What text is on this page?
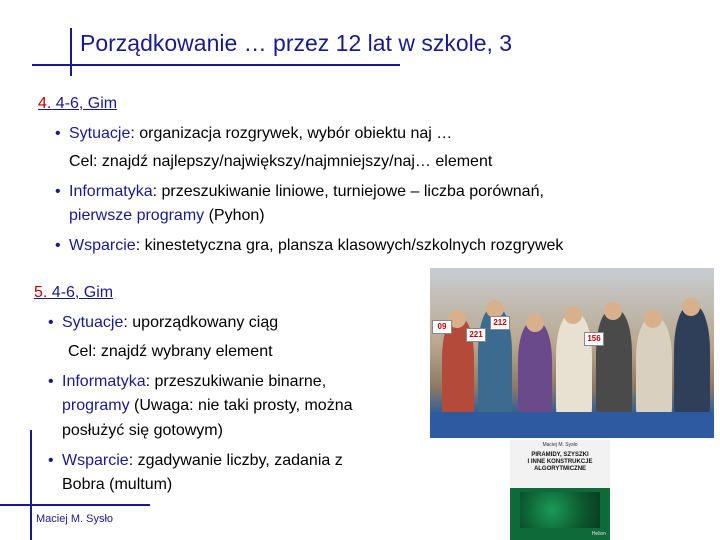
Porządkowanie … przez 12 lat w szkole, 3
4. 4-6, Gim
• Sytuacje: organizacja rozgrywek, wybór obiektu naj …
Cel: znajdź najlepszy/największy/najmniejszy/naj… element
• Informatyka: przeszukiwanie liniowe, turniejowe – liczba porównań,
pierwsze programy (Pyhon)
• Wsparcie: kinestetyczna gra, plansza klasowych/szkolnych rozgrywek
5. 4-6, Gim
• Sytuacje: uporządkowany ciąg
Cel: znajdź wybrany element
• Informatyka: przeszukiwanie binarne,
programy (Uwaga: nie taki prosty, można
posłużyć się gotowym)
• Wsparcie: zgadywanie liczby, zadania z
Bobra (multum)
09
221
212
156
Maciej M. Sysło
PIRAMIDY, SZYSZKI
I INNE KONSTRUKCJE
ALGORYTMICZNE
Helion
Maciej M. Sysło
